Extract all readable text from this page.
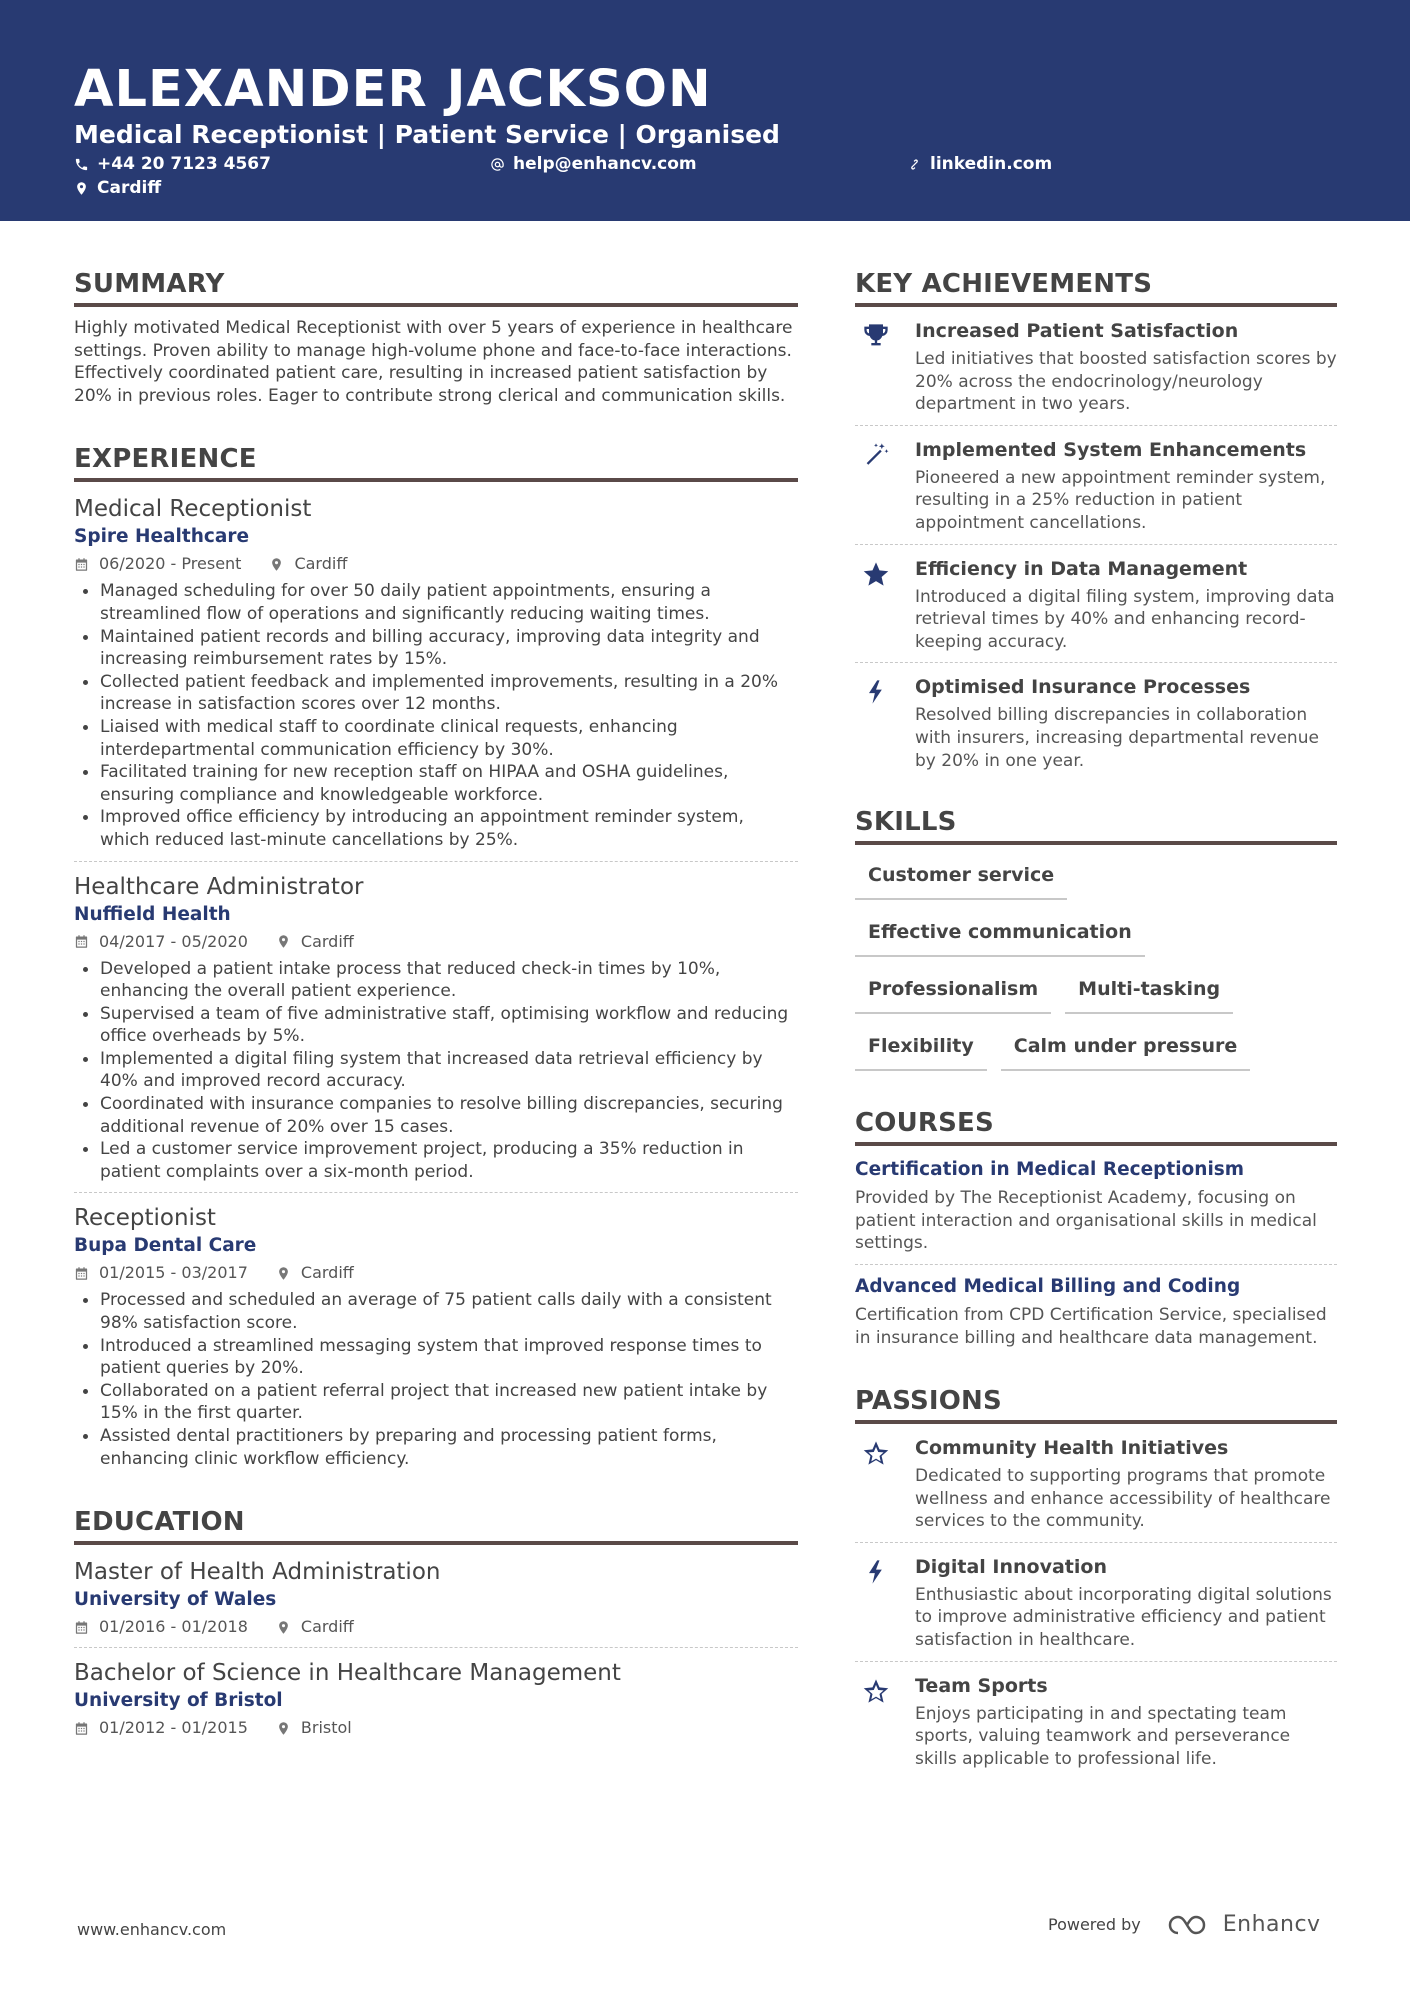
ALEXANDER JACKSON
Medical Receptionist | Patient Service | Organised
+44 20 7123 4567	help@enhancv.com	linkedin.com
Cardiff
SUMMARY
Highly motivated Medical Receptionist with over 5 years of experience in healthcare settings. Proven ability to manage high-volume phone and face-to-face interactions. Effectively coordinated patient care, resulting in increased patient satisfaction by 20% in previous roles. Eager to contribute strong clerical and communication skills.
EXPERIENCE
Medical Receptionist
Spire Healthcare
06/2020 - Present	Cardiff
Managed scheduling for over 50 daily patient appointments, ensuring a streamlined flow of operations and significantly reducing waiting times.
Maintained patient records and billing accuracy, improving data integrity and increasing reimbursement rates by 15%.
Collected patient feedback and implemented improvements, resulting in a 20% increase in satisfaction scores over 12 months.
Liaised with medical staff to coordinate clinical requests, enhancing interdepartmental communication efficiency by 30%.
Facilitated training for new reception staff on HIPAA and OSHA guidelines, ensuring compliance and knowledgeable workforce.
Improved office efficiency by introducing an appointment reminder system, which reduced last-minute cancellations by 25%.
Healthcare Administrator
Nuffield Health
04/2017 - 05/2020	Cardiff
Developed a patient intake process that reduced check-in times by 10%, enhancing the overall patient experience.
Supervised a team of five administrative staff, optimising workflow and reducing office overheads by 5%.
Implemented a digital filing system that increased data retrieval efficiency by 40% and improved record accuracy.
Coordinated with insurance companies to resolve billing discrepancies, securing additional revenue of 20% over 15 cases.
Led a customer service improvement project, producing a 35% reduction in patient complaints over a six-month period.
Receptionist
Bupa Dental Care
01/2015 - 03/2017	Cardiff
Processed and scheduled an average of 75 patient calls daily with a consistent 98% satisfaction score.
Introduced a streamlined messaging system that improved response times to patient queries by 20%.
Collaborated on a patient referral project that increased new patient intake by 15% in the first quarter.
Assisted dental practitioners by preparing and processing patient forms, enhancing clinic workflow efficiency.
EDUCATION
Master of Health Administration
University of Wales
01/2016 - 01/2018	Cardiff
Bachelor of Science in Healthcare Management
University of Bristol
01/2012 - 01/2015	Bristol
KEY ACHIEVEMENTS
Increased Patient Satisfaction
Led initiatives that boosted satisfaction scores by 20% across the endocrinology/neurology department in two years.
Implemented System Enhancements
Pioneered a new appointment reminder system, resulting in a 25% reduction in patient appointment cancellations.
Efficiency in Data Management
Introduced a digital filing system, improving data retrieval times by 40% and enhancing record-keeping accuracy.
Optimised Insurance Processes
Resolved billing discrepancies in collaboration with insurers, increasing departmental revenue by 20% in one year.
SKILLS
Customer service
Effective communication
Professionalism	Multi-tasking
Flexibility	Calm under pressure
COURSES
Certification in Medical Receptionism
Provided by The Receptionist Academy, focusing on patient interaction and organisational skills in medical settings.
Advanced Medical Billing and Coding
Certification from CPD Certification Service, specialised in insurance billing and healthcare data management.
PASSIONS
Community Health Initiatives
Dedicated to supporting programs that promote wellness and enhance accessibility of healthcare services to the community.
Digital Innovation
Enthusiastic about incorporating digital solutions to improve administrative efficiency and patient satisfaction in healthcare.
Team Sports
Enjoys participating in and spectating team sports, valuing teamwork and perseverance skills applicable to professional life.
www.enhancv.com	Powered by	Enhancv
